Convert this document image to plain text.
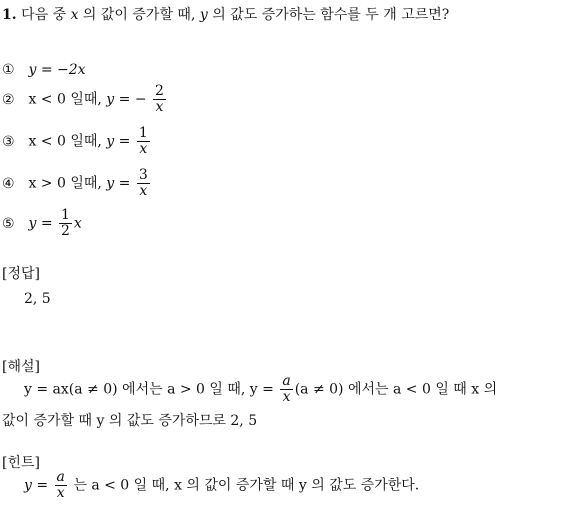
1. 다음 중 x 의 값이 증가할 때, y 의 값도 증가하는 함수를 두 개 고르면?
① y = −2x
② x < 0 일때, y = − $\frac{2}{x}$
③ x < 0 일때, $y = \frac{1}{x}$
④ x > 0 일때, $y = \frac{3}{x}$
⑤ $y = \frac{1}{2}$ x
[정답]
2, 5
[해설]
y = ax(a ≠ 0) 에서는 a > 0 일 때, $y = \frac{a}{x} (a \ne 0)$ 에서는 a < 0 일 때 x 의
값이 증가할 때 y 의 값도 증가하므로 2, 5
[힌트]
$y = \frac{a}{x}$ 는 a < 0 일 때, x 의 값이 증가할 때 y 의 값도 증가한다.
